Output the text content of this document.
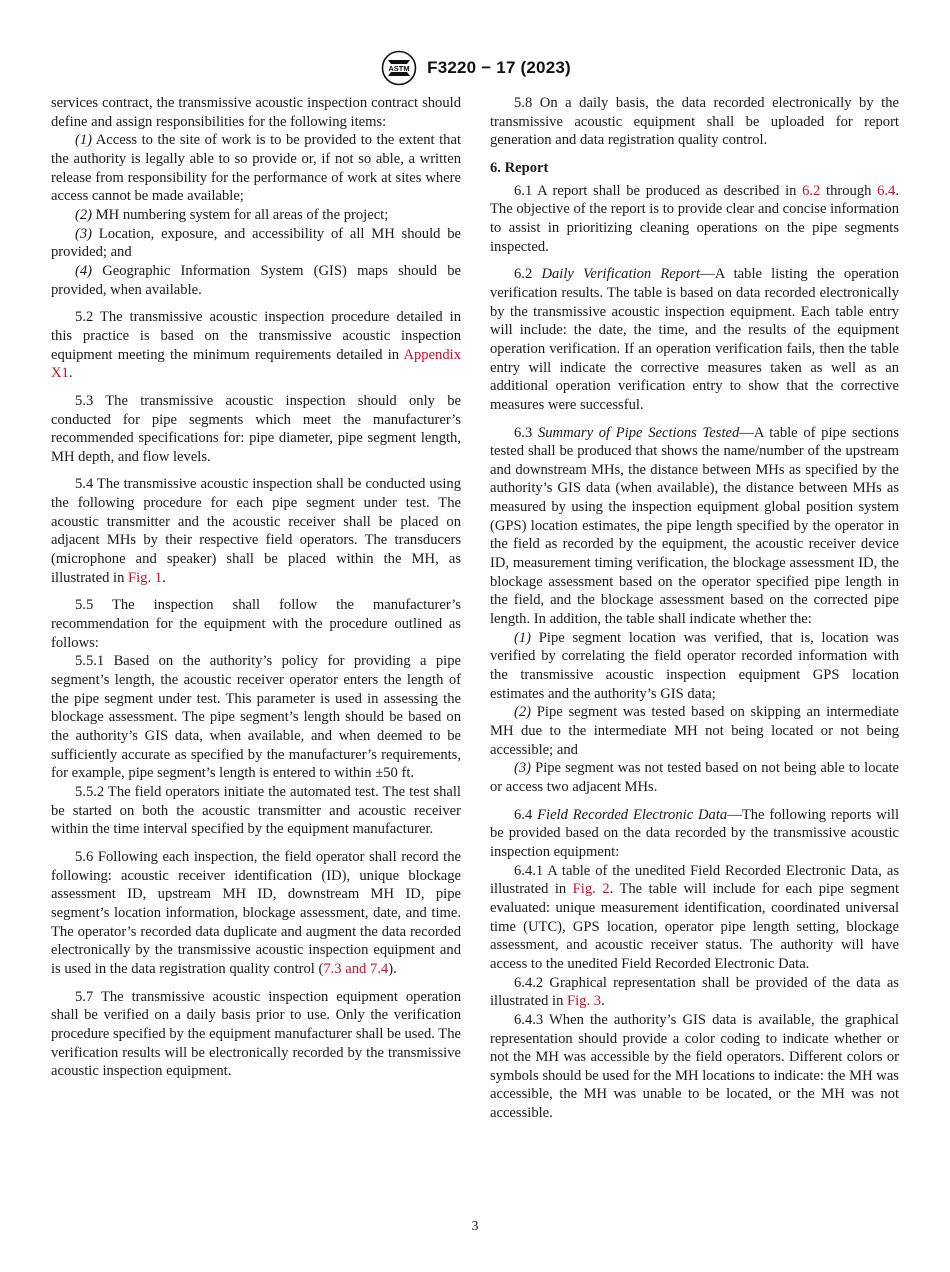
ASTM F3220 − 17 (2023)

services contract, the transmissive acoustic inspection contract should define and assign responsibilities for the following items:

(1) Access to the site of work is to be provided to the extent that the authority is legally able to so provide or, if not so able, a written release from responsibility for the performance of work at sites where access cannot be made available;

(2) MH numbering system for all areas of the project;

(3) Location, exposure, and accessibility of all MH should be provided; and

(4) Geographic Information System (GIS) maps should be provided, when available.

5.2 The transmissive acoustic inspection procedure detailed in this practice is based on the transmissive acoustic inspection equipment meeting the minimum requirements detailed in Appendix X1.

5.3 The transmissive acoustic inspection should only be conducted for pipe segments which meet the manufacturer’s recommended specifications for: pipe diameter, pipe segment length, MH depth, and flow levels.

5.4 The transmissive acoustic inspection shall be conducted using the following procedure for each pipe segment under test. The acoustic transmitter and the acoustic receiver shall be placed on adjacent MHs by their respective field operators. The transducers (microphone and speaker) shall be placed within the MH, as illustrated in Fig. 1.

5.5 The inspection shall follow the manufacturer’s recommendation for the equipment with the procedure outlined as follows:

5.5.1 Based on the authority’s policy for providing a pipe segment’s length, the acoustic receiver operator enters the length of the pipe segment under test. This parameter is used in assessing the blockage assessment. The pipe segment’s length should be based on the authority’s GIS data, when available, and when deemed to be sufficiently accurate as specified by the manufacturer’s requirements, for example, pipe segment’s length is entered to within ±50 ft.

5.5.2 The field operators initiate the automated test. The test shall be started on both the acoustic transmitter and acoustic receiver within the time interval specified by the equipment manufacturer.

5.6 Following each inspection, the field operator shall record the following: acoustic receiver identification (ID), unique blockage assessment ID, upstream MH ID, downstream MH ID, pipe segment’s location information, blockage assessment, date, and time. The operator’s recorded data duplicate and augment the data recorded electronically by the transmissive acoustic inspection equipment and is used in the data registration quality control (7.3 and 7.4).

5.7 The transmissive acoustic inspection equipment operation shall be verified on a daily basis prior to use. Only the verification procedure specified by the equipment manufacturer shall be used. The verification results will be electronically recorded by the transmissive acoustic inspection equipment.

5.8 On a daily basis, the data recorded electronically by the transmissive acoustic equipment shall be uploaded for report generation and data registration quality control.

6. Report

6.1 A report shall be produced as described in 6.2 through 6.4. The objective of the report is to provide clear and concise information to assist in prioritizing cleaning operations on the pipe segments inspected.

6.2 Daily Verification Report—A table listing the operation verification results. The table is based on data recorded electronically by the transmissive acoustic inspection equipment. Each table entry will include: the date, the time, and the results of the equipment operation verification. If an operation verification fails, then the table entry will indicate the corrective measures taken as well as an additional operation verification entry to show that the corrective measures were successful.

6.3 Summary of Pipe Sections Tested—A table of pipe sections tested shall be produced that shows the name/number of the upstream and downstream MHs, the distance between MHs as specified by the authority’s GIS data (when available), the distance between MHs as measured by using the inspection equipment global position system (GPS) location estimates, the pipe length specified by the operator in the field as recorded by the equipment, the acoustic receiver device ID, measurement timing verification, the blockage assessment ID, the blockage assessment based on the operator specified pipe length in the field, and the blockage assessment based on the corrected pipe length. In addition, the table shall indicate whether the:

(1) Pipe segment location was verified, that is, location was verified by correlating the field operator recorded information with the transmissive acoustic inspection equipment GPS location estimates and the authority’s GIS data;

(2) Pipe segment was tested based on skipping an intermediate MH due to the intermediate MH not being located or not being accessible; and

(3) Pipe segment was not tested based on not being able to locate or access two adjacent MHs.

6.4 Field Recorded Electronic Data—The following reports will be provided based on the data recorded by the transmissive acoustic inspection equipment:

6.4.1 A table of the unedited Field Recorded Electronic Data, as illustrated in Fig. 2. The table will include for each pipe segment evaluated: unique measurement identification, coordinated universal time (UTC), GPS location, operator pipe length setting, blockage assessment, and acoustic receiver status. The authority will have access to the unedited Field Recorded Electronic Data.

6.4.2 Graphical representation shall be provided of the data as illustrated in Fig. 3.

6.4.3 When the authority’s GIS data is available, the graphical representation should provide a color coding to indicate whether or not the MH was accessible by the field operators. Different colors or symbols should be used for the MH locations to indicate: the MH was accessible, the MH was unable to be located, or the MH was not accessible.

3
